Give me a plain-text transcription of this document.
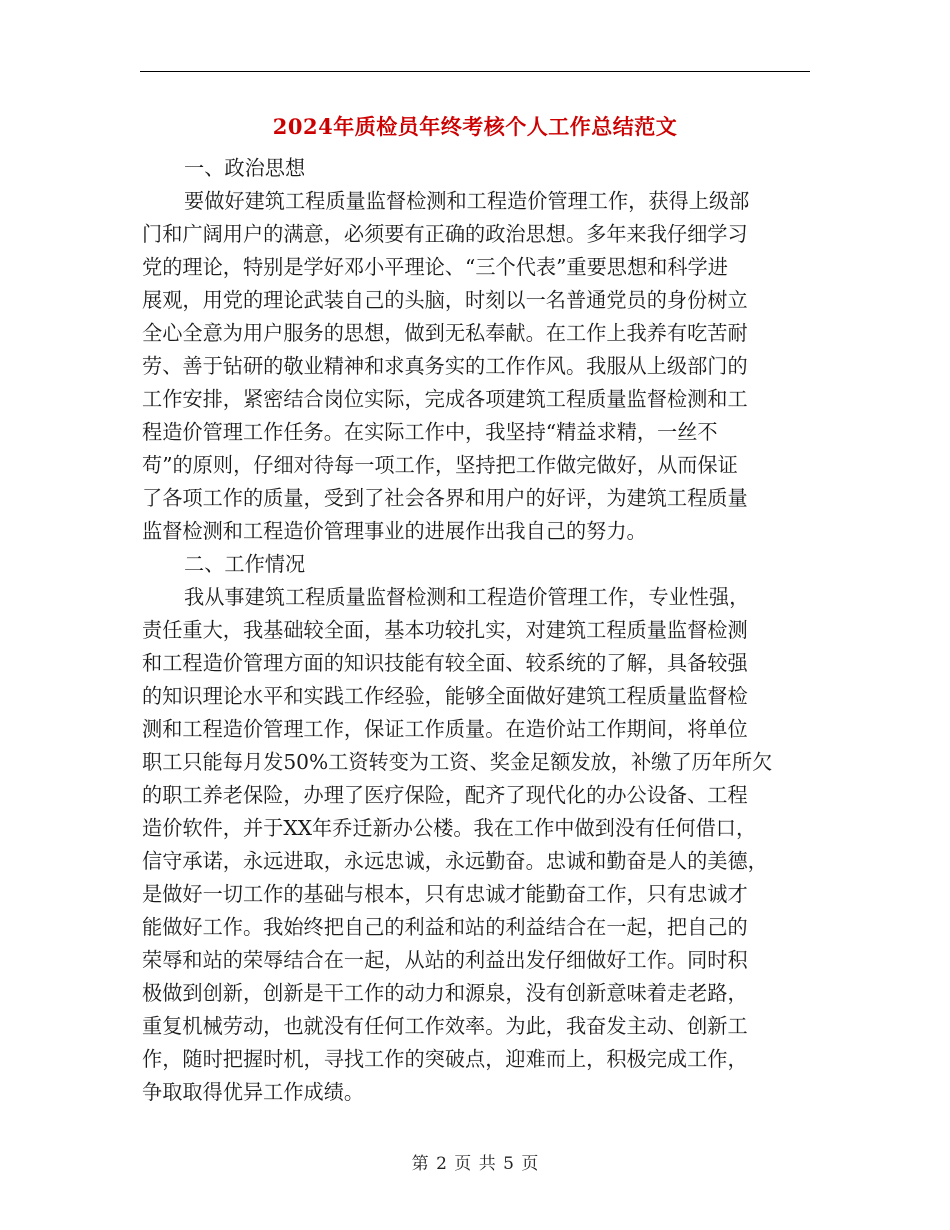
2024年质检员年终考核个人工作总结范文
一、政治思想
要做好建筑工程质量监督检测和工程造价管理工作，获得上级部
门和广阔用户的满意，必须要有正确的政治思想。多年来我仔细学习
党的理论，特别是学好邓小平理论、“三个代表”重要思想和科学进
展观，用党的理论武装自己的头脑，时刻以一名普通党员的身份树立
全心全意为用户服务的思想，做到无私奉献。在工作上我养有吃苦耐
劳、善于钻研的敬业精神和求真务实的工作作风。我服从上级部门的
工作安排，紧密结合岗位实际，完成各项建筑工程质量监督检测和工
程造价管理工作任务。在实际工作中，我坚持“精益求精，一丝不
苟”的原则，仔细对待每一项工作，坚持把工作做完做好，从而保证
了各项工作的质量，受到了社会各界和用户的好评，为建筑工程质量
监督检测和工程造价管理事业的进展作出我自己的努力。
二、工作情况
我从事建筑工程质量监督检测和工程造价管理工作，专业性强，
责任重大，我基础较全面，基本功较扎实，对建筑工程质量监督检测
和工程造价管理方面的知识技能有较全面、较系统的了解，具备较强
的知识理论水平和实践工作经验，能够全面做好建筑工程质量监督检
测和工程造价管理工作，保证工作质量。在造价站工作期间，将单位
职工只能每月发50%工资转变为工资、奖金足额发放，补缴了历年所欠
的职工养老保险，办理了医疗保险，配齐了现代化的办公设备、工程
造价软件，并于XX年乔迁新办公楼。我在工作中做到没有任何借口，
信守承诺，永远进取，永远忠诚，永远勤奋。忠诚和勤奋是人的美德，
是做好一切工作的基础与根本，只有忠诚才能勤奋工作，只有忠诚才
能做好工作。我始终把自己的利益和站的利益结合在一起，把自己的
荣辱和站的荣辱结合在一起，从站的利益出发仔细做好工作。同时积
极做到创新，创新是干工作的动力和源泉，没有创新意味着走老路，
重复机械劳动，也就没有任何工作效率。为此，我奋发主动、创新工
作，随时把握时机，寻找工作的突破点，迎难而上，积极完成工作，
争取取得优异工作成绩。
第 2 页 共 5 页
